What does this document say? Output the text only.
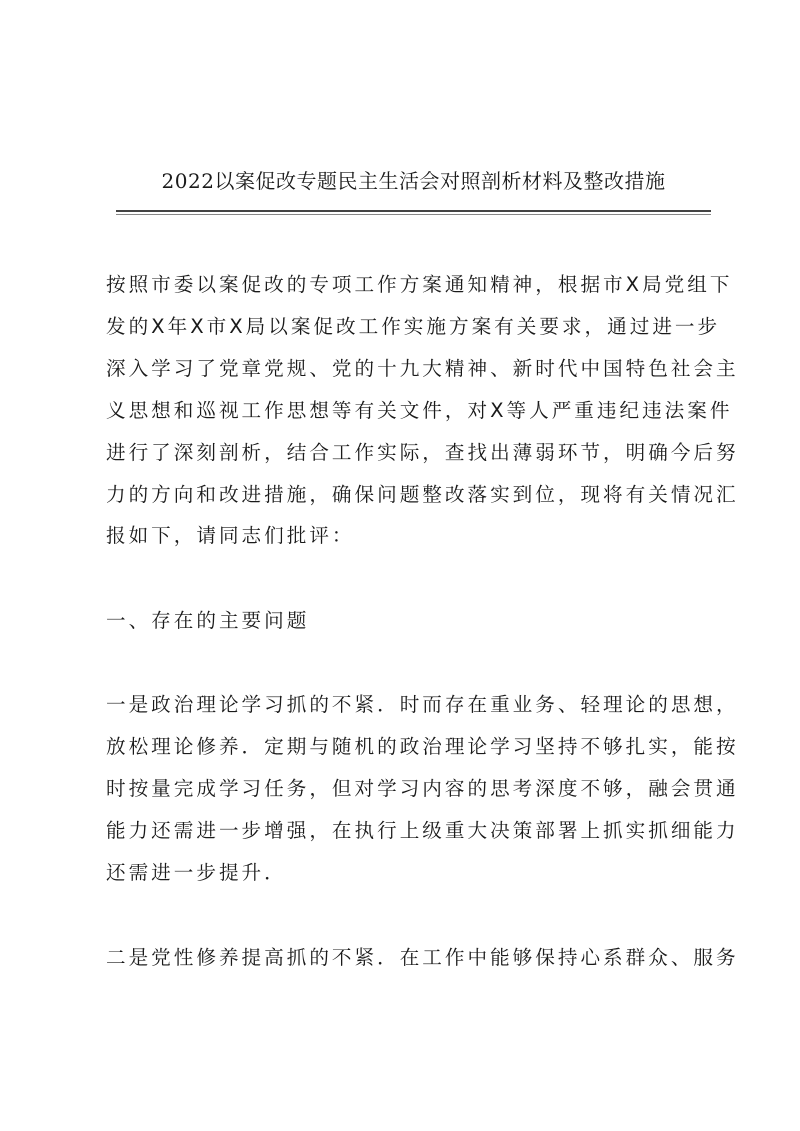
2022以案促改专题民主生活会对照剖析材料及整改措施
按照市委以案促改的专项工作方案通知精神，根据市X局党组下
发的X年X市X局以案促改工作实施方案有关要求，通过进一步
深入学习了党章党规、党的十九大精神、新时代中国特色社会主
义思想和巡视工作思想等有关文件，对X等人严重违纪违法案件
进行了深刻剖析，结合工作实际，查找出薄弱环节，明确今后努
力的方向和改进措施，确保问题整改落实到位，现将有关情况汇
报如下，请同志们批评：
一、存在的主要问题
一是政治理论学习抓的不紧．时而存在重业务、轻理论的思想，
放松理论修养．定期与随机的政治理论学习坚持不够扎实，能按
时按量完成学习任务，但对学习内容的思考深度不够，融会贯通
能力还需进一步增强，在执行上级重大决策部署上抓实抓细能力
还需进一步提升．
二是党性修养提高抓的不紧．在工作中能够保持心系群众、服务
